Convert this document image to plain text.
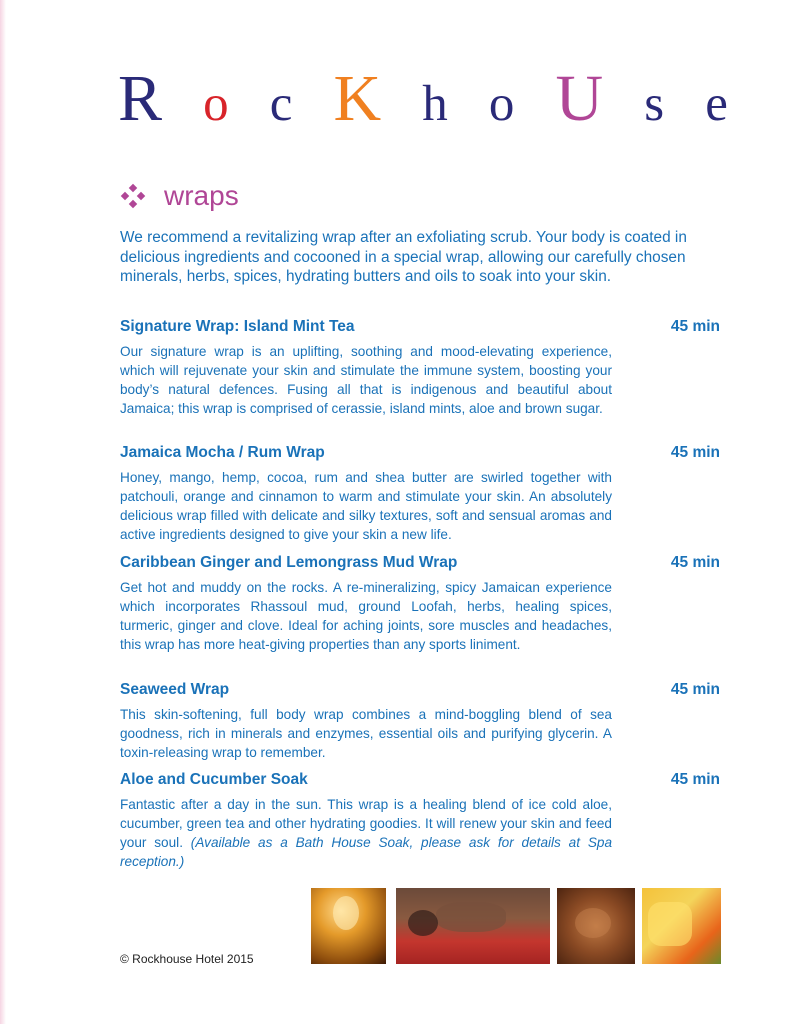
R o c K h o U s e
wraps
We recommend a revitalizing wrap after an exfoliating scrub. Your body is coated in delicious ingredients and cocooned in a special wrap, allowing our carefully chosen minerals, herbs, spices, hydrating butters and oils to soak into your skin.
Signature Wrap: Island Mint Tea	45 min
Our signature wrap is an uplifting, soothing and mood-elevating experience, which will rejuvenate your skin and stimulate the immune system, boosting your body’s natural defences. Fusing all that is indigenous and beautiful about Jamaica; this wrap is comprised of cerassie, island mints, aloe and brown sugar.
Jamaica Mocha / Rum Wrap	45 min
Honey, mango, hemp, cocoa, rum and shea butter are swirled together with patchouli, orange and cinnamon to warm and stimulate your skin. An absolutely delicious wrap filled with delicate and silky textures, soft and sensual aromas and active ingredients designed to give your skin a new life.
Caribbean Ginger and Lemongrass Mud Wrap	45 min
Get hot and muddy on the rocks. A re-mineralizing, spicy Jamaican experience which incorporates Rhassoul mud, ground Loofah, herbs, healing spices, turmeric, ginger and clove. Ideal for aching joints, sore muscles and headaches, this wrap has more heat-giving properties than any sports liniment.
Seaweed Wrap	45 min
This skin-softening, full body wrap combines a mind-boggling blend of sea goodness, rich in minerals and enzymes, essential oils and purifying glycerin. A toxin-releasing wrap to remember.
Aloe and Cucumber Soak	45 min
Fantastic after a day in the sun. This wrap is a healing blend of ice cold aloe, cucumber, green tea and other hydrating goodies. It will renew your skin and feed your soul. (Available as a Bath House Soak, please ask for details at Spa reception.)
© Rockhouse Hotel 2015
